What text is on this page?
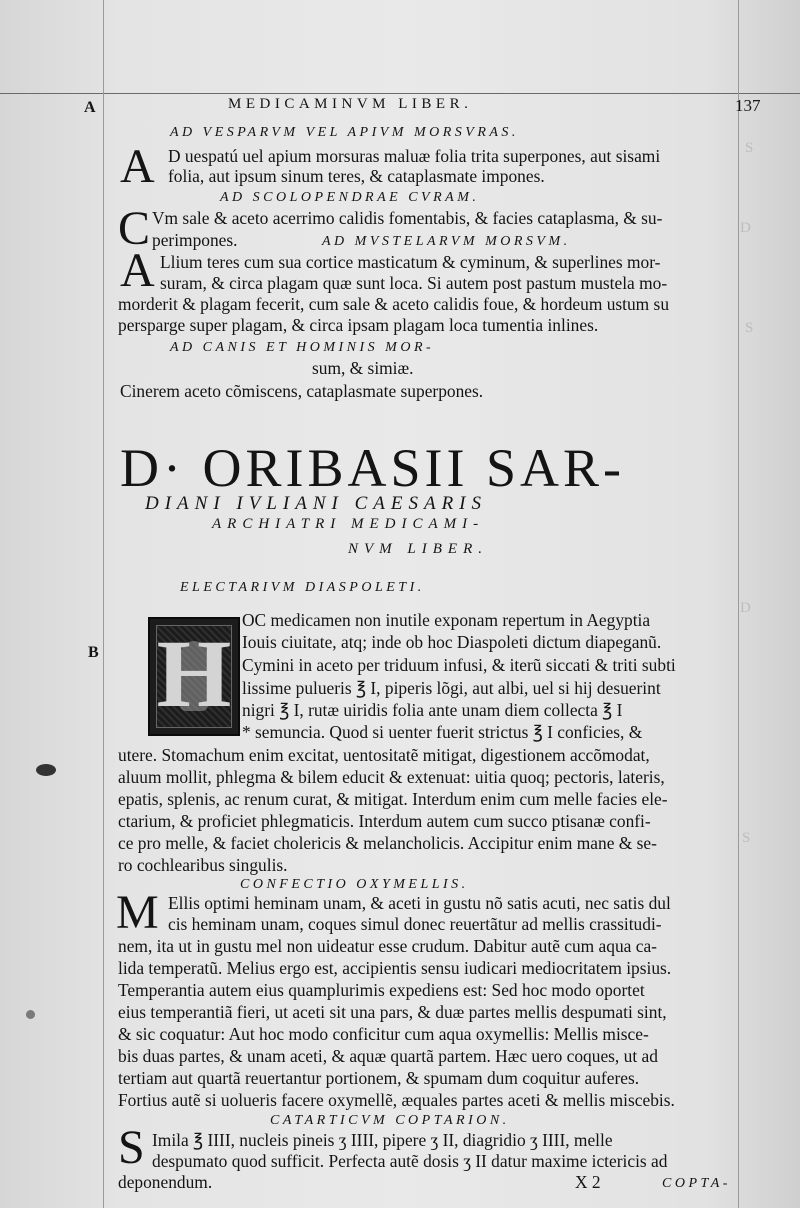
S
D
S
D
S
A	MEDICAMINVM LIBER.	137
AD VESPARVM VEL APIVM MORSVRAS.
A D uespatú uel apium morsuras maluæ folia trita superpones, aut sisami
folia, aut ipsum sinum teres, & cataplasmate impones.
AD SCOLOPENDRAE CVRAM.
C Vm sale & aceto acerrimo calidis fomentabis, & facies cataplasma, & su-
perimpones.	AD MVSTELARVM MORSVM.
A Llium teres cum sua cortice masticatum & cyminum, & superlines mor-
suram, & circa plagam quæ sunt loca. Si autem post pastum mustela mo-
morderit & plagam fecerit, cum sale & aceto calidis foue, & hordeum ustum su
persparge super plagam, & circa ipsam plagam loca tumentia inlines.
AD CANIS ET HOMINIS MOR-
sum, & simiæ.
Cinerem aceto cõmiscens, cataplasmate superpones.
D· ORIBASII SAR-
DIANI IVLIANI CAESARIS
ARCHIATRI MEDICAMI-
NVM LIBER.
ELECTARIVM DIASPOLETI.
H
B
OC medicamen non inutile exponam repertum in Aegyptia
Iouis ciuitate, atq; inde ob hoc Diaspoleti dictum diapeganũ.
Cymini in aceto per triduum infusi, & iterũ siccati & triti subti
lissime pulueris ℥ I, piperis lõgi, aut albi, uel si hij desuerint
nigri ℥ I, rutæ uiridis folia ante unam diem collecta ℥ I
* semuncia. Quod si uenter fuerit strictus ℥ I conficies, &
utere. Stomachum enim excitat, uentositatẽ mitigat, digestionem accõmodat,
aluum mollit, phlegma & bilem educit & extenuat: uitia quoq; pectoris, lateris,
epatis, splenis, ac renum curat, & mitigat. Interdum enim cum melle facies ele-
ctarium, & proficiet phlegmaticis. Interdum autem cum succo ptisanæ confi-
ce pro melle, & faciet cholericis & melancholicis. Accipitur enim mane & se-
ro cochlearibus singulis.
CONFECTIO OXYMELLIS.
M Ellis optimi heminam unam, & aceti in gustu nõ satis acuti, nec satis dul
cis heminam unam, coques simul donec reuertãtur ad mellis crassitudi-
nem, ita ut in gustu mel non uideatur esse crudum. Dabitur autẽ cum aqua ca-
lida temperatũ. Melius ergo est, accipientis sensu iudicari mediocritatem ipsius.
Temperantia autem eius quamplurimis expediens est: Sed hoc modo oportet
eius temperantiã fieri, ut aceti sit una pars, & duæ partes mellis despumati sint,
& sic coquatur: Aut hoc modo conficitur cum aqua oxymellis: Mellis misce-
bis duas partes, & unam aceti, & aquæ quartã partem. Hæc uero coques, ut ad
tertiam aut quartã reuertantur portionem, & spumam dum coquitur auferes.
Fortius autẽ si uolueris facere oxymellẽ, æquales partes aceti & mellis miscebis.
CATARTICVM COPTARION.
S Imila ℥ IIII, nucleis pineis ʒ IIII, pipere ʒ II, diagridio ʒ IIII, melle
despumato quod sufficit. Perfecta autẽ dosis ʒ II datur maxime ictericis ad
deponendum.	X 2	COPTA-
